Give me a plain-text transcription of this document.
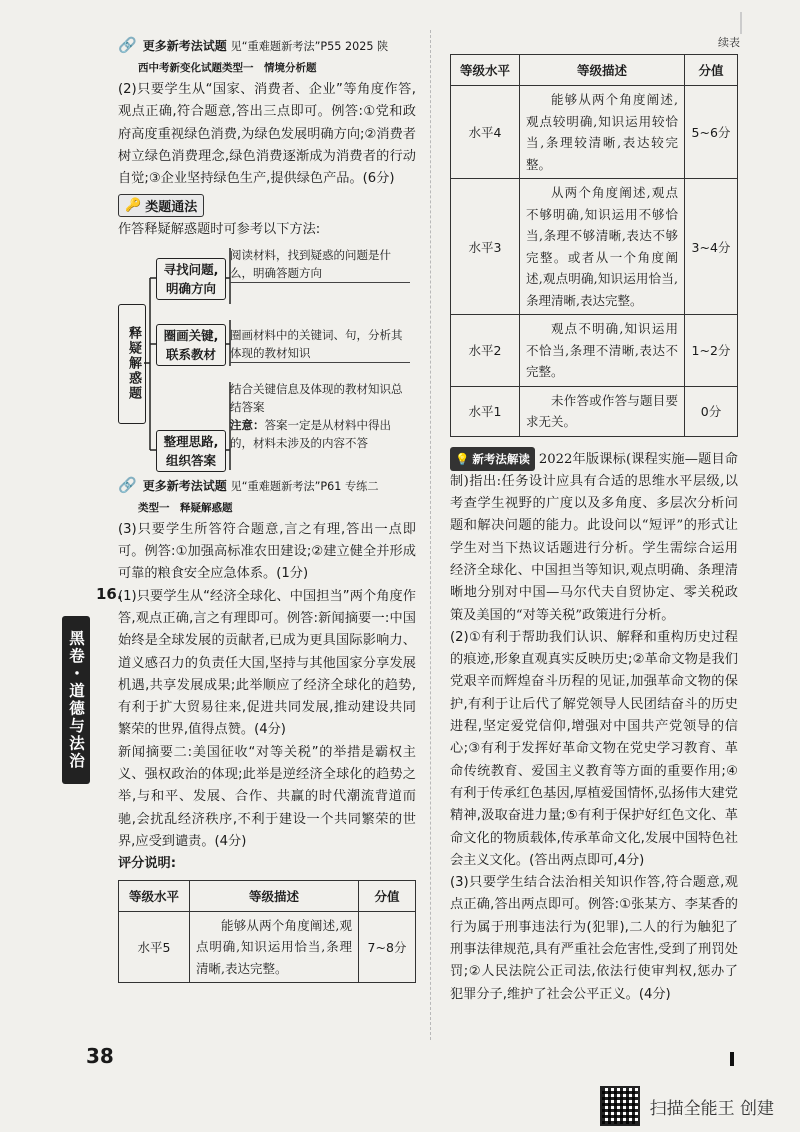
🔗 更多新考法试题 见“重难题新考法”P55 2025 陕
西中考新变化试题类型一　情境分析题

(2)只要学生从“国家、消费者、企业”等角度作答,观点正确,符合题意,答出三点即可。例答:①党和政府高度重视绿色消费,为绿色发展明确方向;②消费者树立绿色消费理念,绿色消费逐渐成为消费者的行动自觉;③企业坚持绿色生产,提供绿色产品。(6分)

🔑 类题通法

作答释疑解惑题时可参考以下方法:

释疑解惑题
寻找问题,明确方向
阅读材料，找到疑惑的问题是什么，明确答题方向
圈画关键,联系教材
圈画材料中的关键词、句，分析其体现的教材知识
整理思路,组织答案
结合关键信息及体现的教材知识总结答案
注意：答案一定是从材料中得出的，材料未涉及的内容不答
🔗 更多新考法试题 见“重难题新考法”P61 专练二
类型一　释疑解惑题

(3)只要学生所答符合题意,言之有理,答出一点即可。例答:①加强高标准农田建设;②建立健全并形成可靠的粮食安全应急体系。(1分)

(1)只要学生从“经济全球化、中国担当”两个角度作答,观点正确,言之有理即可。例答:新闻摘要一:中国始终是全球发展的贡献者,已成为更具国际影响力、道义感召力的负责任大国,坚持与其他国家分享发展机遇,共享发展成果;此举顺应了经济全球化的趋势,有利于扩大贸易往来,促进共同发展,推动建设共同繁荣的世界,值得点赞。(4分)

新闻摘要二:美国征收“对等关税”的举措是霸权主义、强权政治的体现;此举是逆经济全球化的趋势之举,与和平、发展、合作、共赢的时代潮流背道而驰,会扰乱经济秩序,不利于建设一个共同繁荣的世界,应受到谴责。(4分)

评分说明:

等级水平	等级描述	分值
水平5	能够从两个角度阐述,观点明确,知识运用恰当,条理清晰,表达完整。	7~8分
16.
黑卷・道德与法治
续表
等级水平	等级描述	分值
水平4	能够从两个角度阐述,观点较明确,知识运用较恰当,条理较清晰,表达较完整。	5~6分
水平3	从两个角度阐述,观点不够明确,知识运用不够恰当,条理不够清晰,表达不够完整。或者从一个角度阐述,观点明确,知识运用恰当,条理清晰,表达完整。	3~4分
水平2	观点不明确,知识运用不恰当,条理不清晰,表达不完整。	1~2分
水平1	未作答或作答与题目要求无关。	0分

💡 新考法解读 2022年版课标(课程实施—题目命制)指出:任务设计应具有合适的思维水平层级,以考查学生视野的广度以及多角度、多层次分析问题和解决问题的能力。此设问以“短评”的形式让学生对当下热议话题进行分析。学生需综合运用经济全球化、中国担当等知识,观点明确、条理清晰地分别对中国—马尔代夫自贸协定、零关税政策及美国的“对等关税”政策进行分析。

(2)①有利于帮助我们认识、解释和重构历史过程的痕迹,形象直观真实反映历史;②革命文物是我们党艰辛而辉煌奋斗历程的见证,加强革命文物的保护,有利于让后代了解党领导人民团结奋斗的历史进程,坚定爱党信仰,增强对中国共产党领导的信心;③有利于发挥好革命文物在党史学习教育、革命传统教育、爱国主义教育等方面的重要作用;④有利于传承红色基因,厚植爱国情怀,弘扬伟大建党精神,汲取奋进力量;⑤有利于保护好红色文化、革命文化的物质载体,传承革命文化,发展中国特色社会主义文化。(答出两点即可,4分)

(3)只要学生结合法治相关知识作答,符合题意,观点正确,答出两点即可。例答:①张某方、李某香的行为属于刑事违法行为(犯罪),二人的行为触犯了刑事法律规范,具有严重社会危害性,受到了刑罚处罚;②人民法院公正司法,依法行使审判权,惩办了犯罪分子,维护了社会公平正义。(4分)

38
扫描全能王 创建
